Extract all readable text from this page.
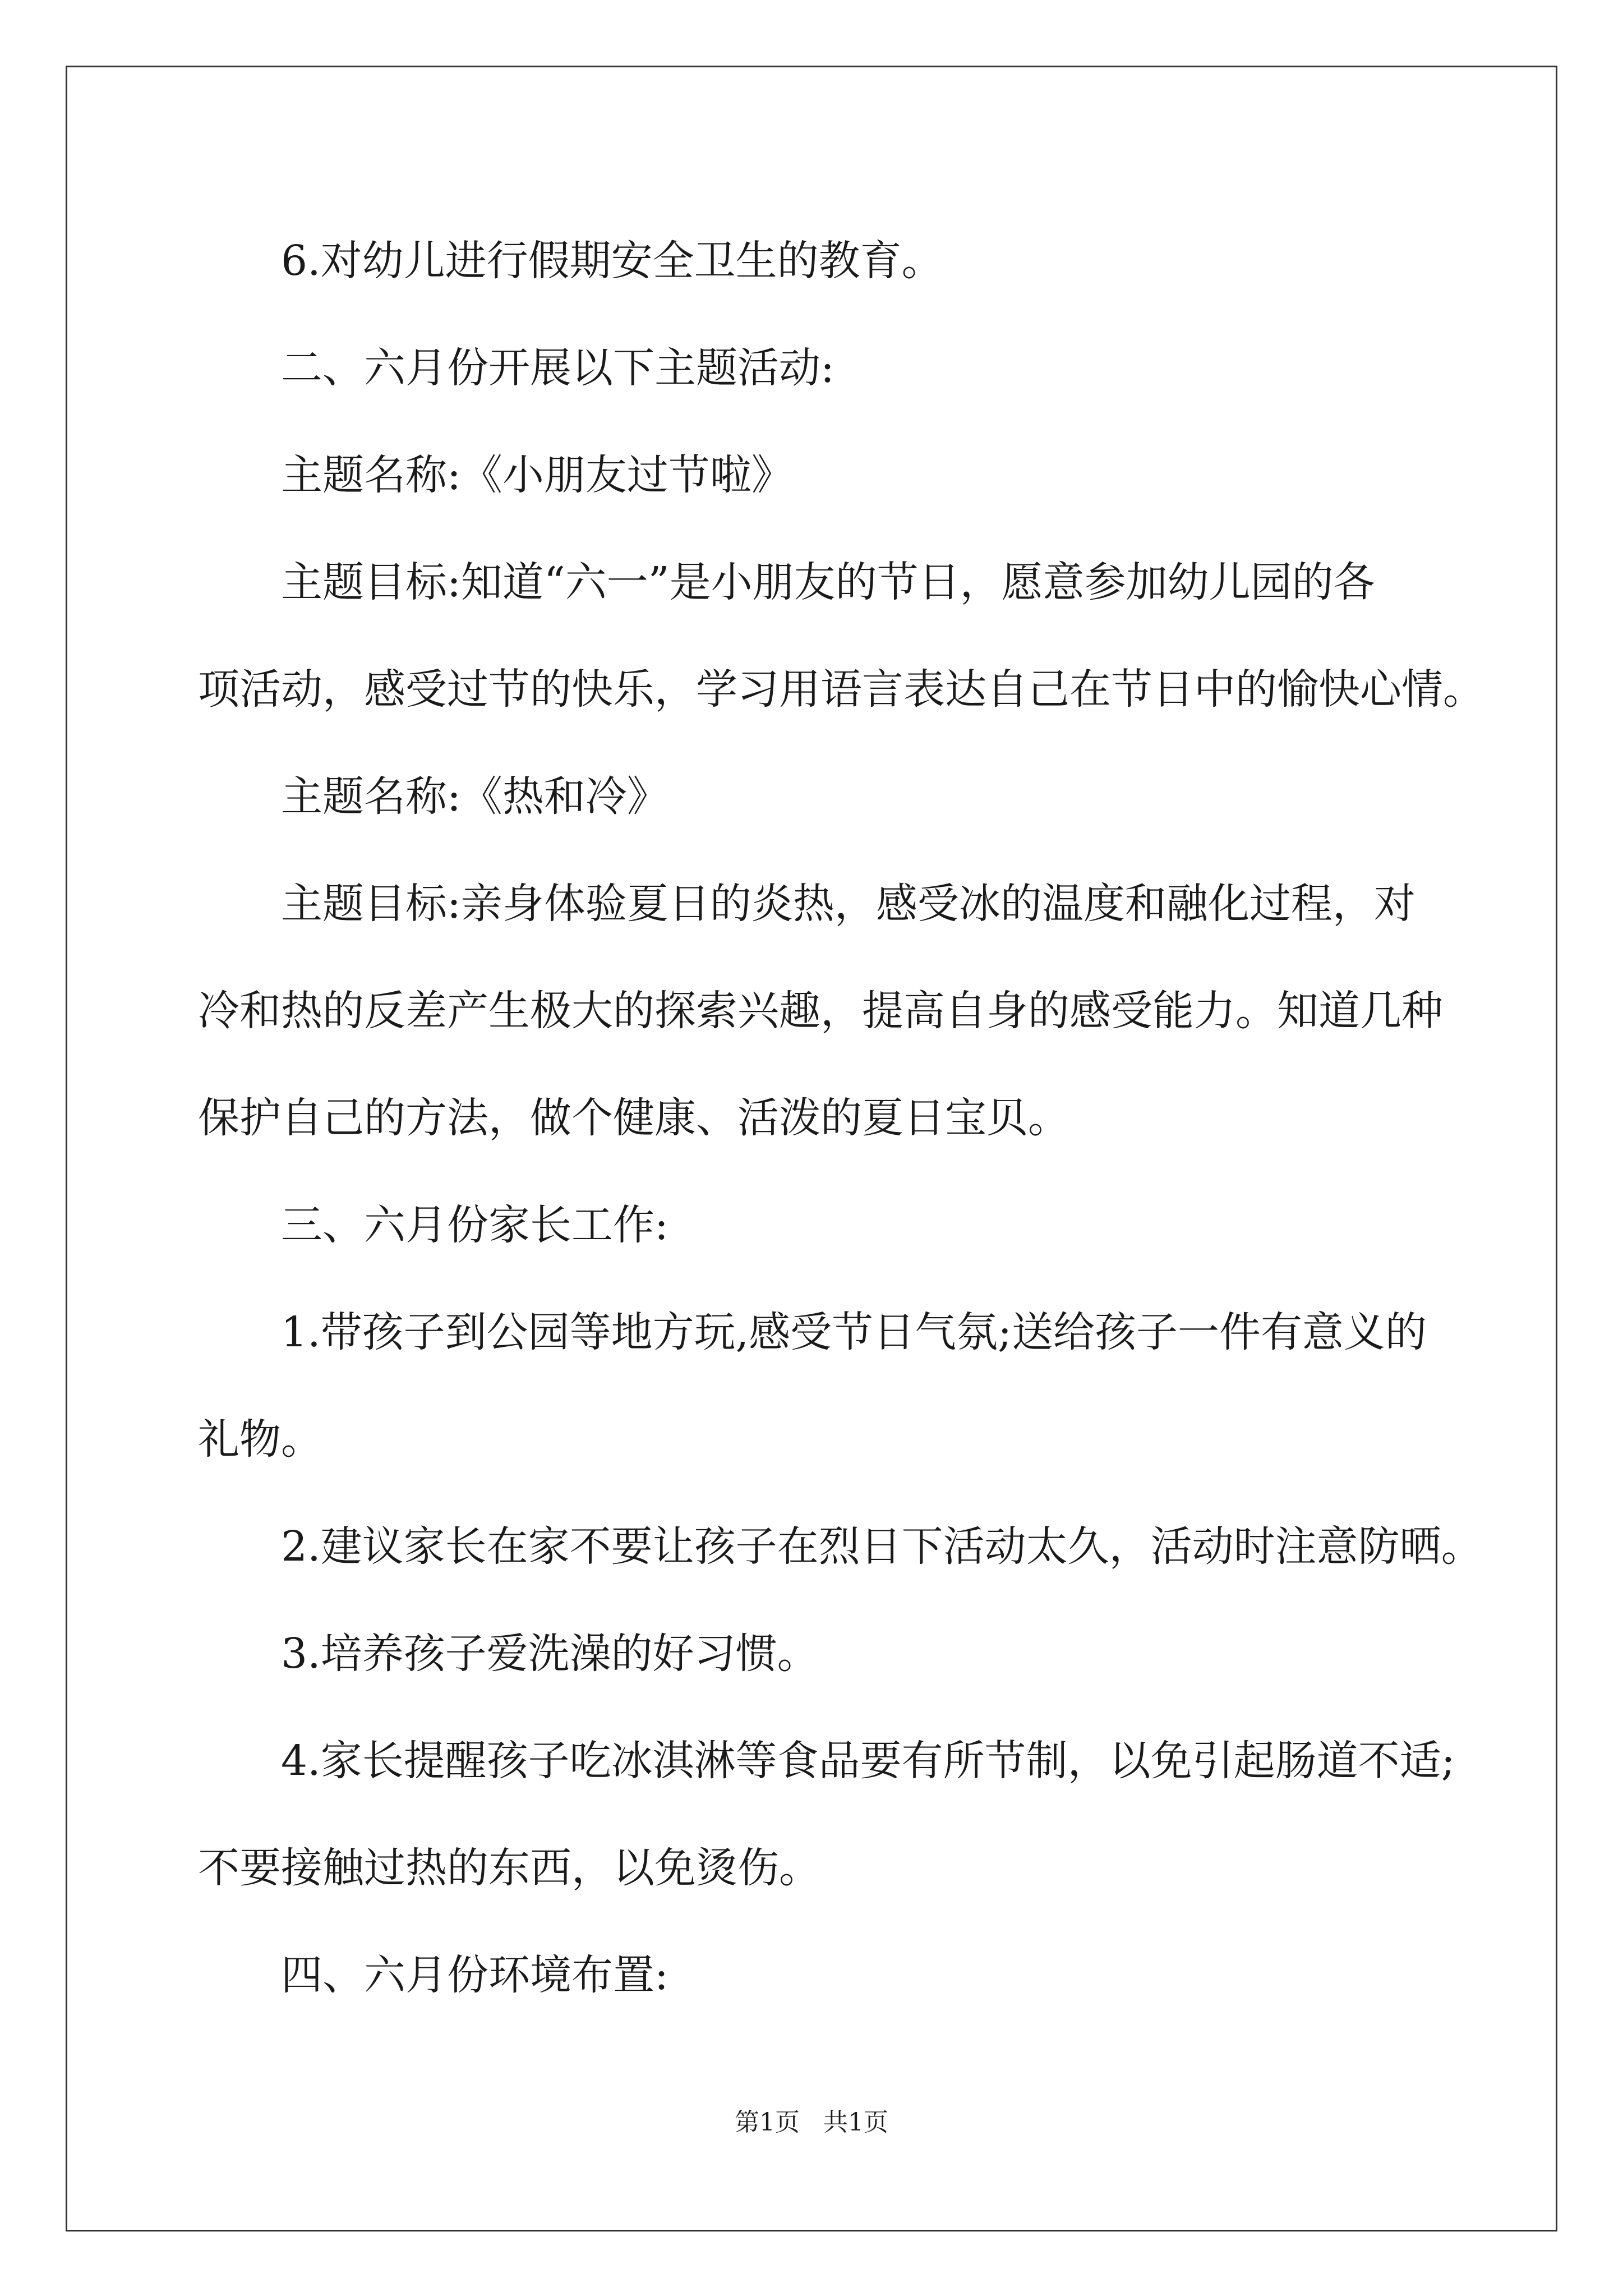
6.对幼儿进行假期安全卫生的教育。

二、六月份开展以下主题活动:

主题名称:《小朋友过节啦》

主题目标:知道“六一”是小朋友的节日，愿意参加幼儿园的各

项活动，感受过节的快乐，学习用语言表达自己在节日中的愉快心情。

主题名称:《热和冷》

主题目标:亲身体验夏日的炎热，感受冰的温度和融化过程，对

冷和热的反差产生极大的探索兴趣，提高自身的感受能力。知道几种

保护自己的方法，做个健康、活泼的夏日宝贝。

三、六月份家长工作:

1.带孩子到公园等地方玩,感受节日气氛;送给孩子一件有意义的

礼物。

2.建议家长在家不要让孩子在烈日下活动太久，活动时注意防晒。

3.培养孩子爱洗澡的好习惯。

4.家长提醒孩子吃冰淇淋等食品要有所节制，以免引起肠道不适;

不要接触过热的东西，以免烫伤。

四、六月份环境布置:

第1页   共1页
